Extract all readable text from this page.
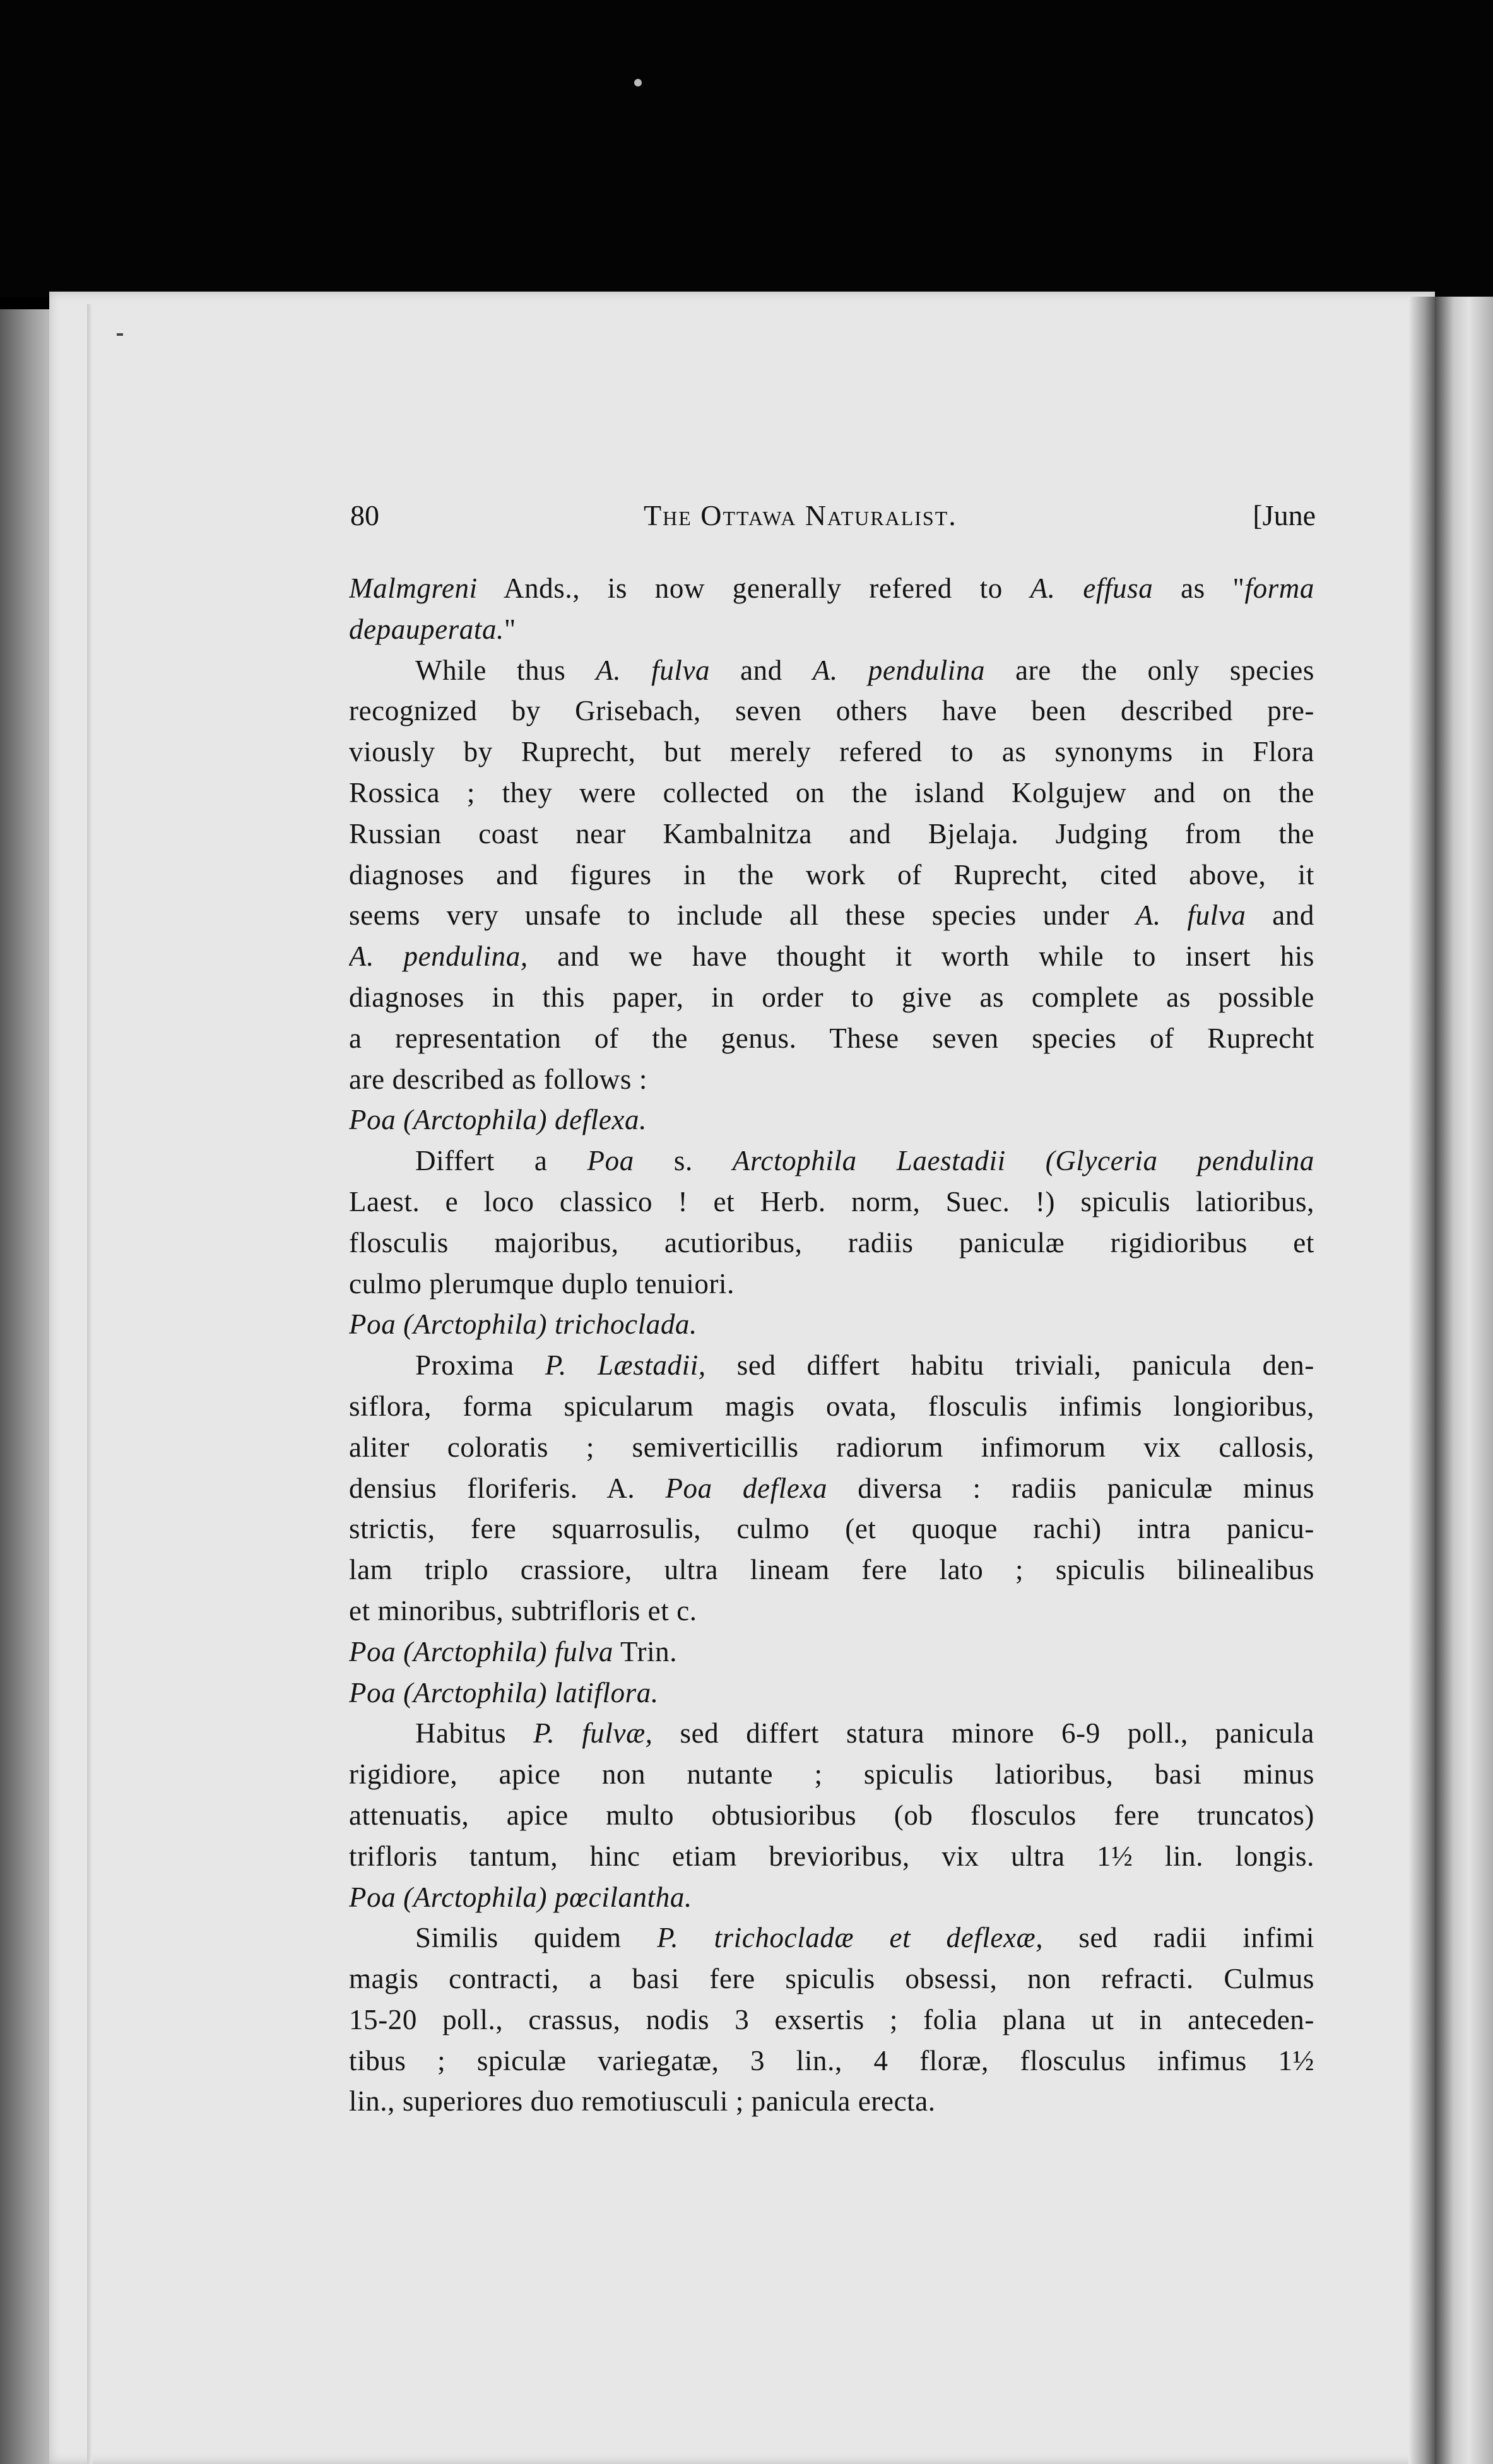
80	The Ottawa Naturalist.	[June
Malmgreni Ands., is now generally refered to A. effusa as "forma
depauperata."
While thus A. fulva and A. pendulina are the only species
recognized by Grisebach, seven others have been described pre-
viously by Ruprecht, but merely refered to as synonyms in Flora
Rossica ; they were collected on the island Kolgujew and on the
Russian coast near Kambalnitza and Bjelaja. Judging from the
diagnoses and figures in the work of Ruprecht, cited above, it
seems very unsafe to include all these species under A. fulva and
A. pendulina, and we have thought it worth while to insert his
diagnoses in this paper, in order to give as complete as possible
a representation of the genus. These seven species of Ruprecht
are described as follows :
Poa (Arctophila) deflexa.
Differt a Poa s. Arctophila Laestadii (Glyceria pendulina
Laest. e loco classico ! et Herb. norm, Suec. !) spiculis latioribus,
flosculis majoribus, acutioribus, radiis paniculæ rigidioribus et
culmo plerumque duplo tenuiori.
Poa (Arctophila) trichoclada.
Proxima P. Læstadii, sed differt habitu triviali, panicula den-
siflora, forma spicularum magis ovata, flosculis infimis longioribus,
aliter coloratis ; semiverticillis radiorum infimorum vix callosis,
densius floriferis. A. Poa deflexa diversa : radiis paniculæ minus
strictis, fere squarrosulis, culmo (et quoque rachi) intra panicu-
lam triplo crassiore, ultra lineam fere lato ; spiculis bilinealibus
et minoribus, subtrifloris et c.
Poa (Arctophila) fulva Trin.
Poa (Arctophila) latiflora.
Habitus P. fulvæ, sed differt statura minore 6-9 poll., panicula
rigidiore, apice non nutante ; spiculis latioribus, basi minus
attenuatis, apice multo obtusioribus (ob flosculos fere truncatos)
trifloris tantum, hinc etiam brevioribus, vix ultra 1½ lin. longis.
Poa (Arctophila) pœcilantha.
Similis quidem P. trichocladæ et deflexæ, sed radii infimi
magis contracti, a basi fere spiculis obsessi, non refracti. Culmus
15-20 poll., crassus, nodis 3 exsertis ; folia plana ut in anteceden-
tibus ; spiculæ variegatæ, 3 lin., 4 floræ, flosculus infimus 1½
lin., superiores duo remotiusculi ; panicula erecta.
